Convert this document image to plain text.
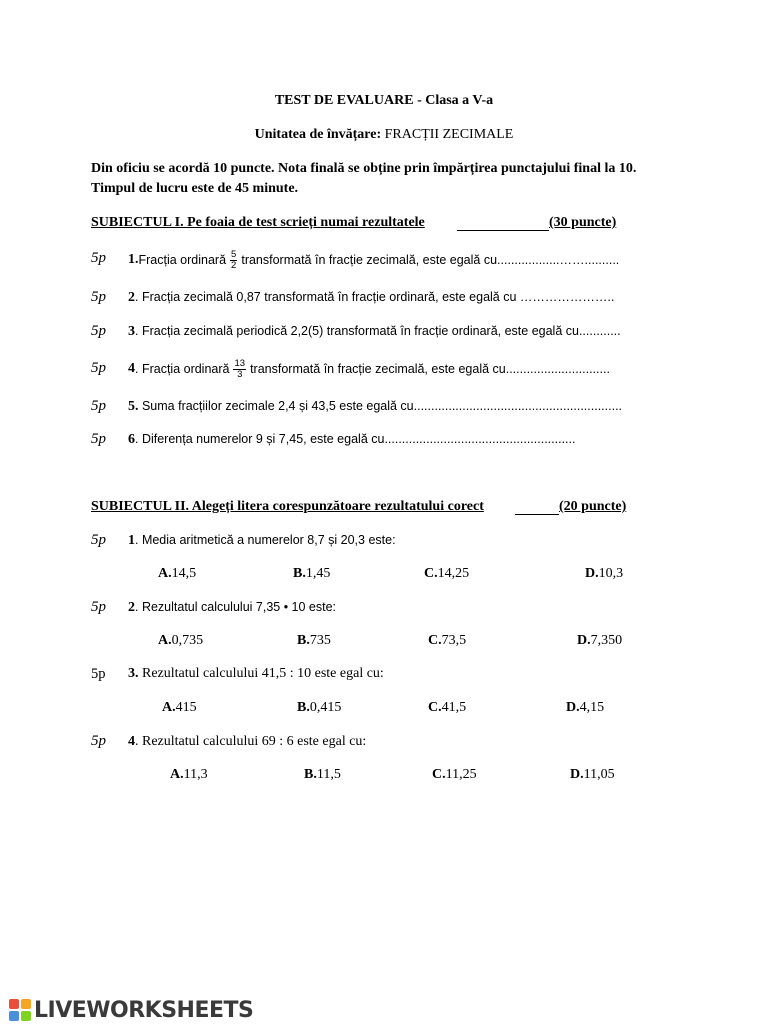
TEST DE EVALUARE - Clasa a V-a
Unitatea de învățare: FRACȚII ZECIMALE
Din oficiu se acordă 10 puncte. Nota finală se obține prin împărțirea punctajului final la 10.
Timpul de lucru este de 45 minute.
SUBIECTUL I. Pe foaia de test scrieți numai rezultatele	(30 puncte)
5p 1. Fracția ordinară $\frac{5}{2}$ transformată în fracție zecimală, este egală cu..................……..........
5p 2. Fracția zecimală 0,87 transformată în fracție ordinară, este egală cu …………………..
5p 3. Fracția zecimală periodică 2,2(5) transformată în fracție ordinară, este egală cu............
5p 4 . Fracția ordinară $\frac{13}{3}$ transformată în fracție zecimală, este egală cu..............................
5p 5. Suma fracțiilor zecimale 2,4 și 43,5 este egală cu............................................................
5p 6. Diferența numerelor 9 și 7,45, este egală cu.......................................................
SUBIECTUL II. Alegeți litera corespunzătoare rezultatului corect	(20 puncte)
5p 1. Media aritmetică a numerelor 8,7 și 20,3 este:
A.14,5	B.1,45	C.14,25	D.10,3
5p 2. Rezultatul calculului 7,35 • 10 este:
A.0,735	B.735	C.73,5	D.7,350
5p 3. Rezultatul calculului 41,5 : 10 este egal cu:
A.415	B.0,415	C.41,5	D.4,15
5p 4. Rezultatul calculului 69 : 6 este egal cu:
A.11,3	B.11,5	C.11,25	D.11,05
LIVEWORKSHEETS
